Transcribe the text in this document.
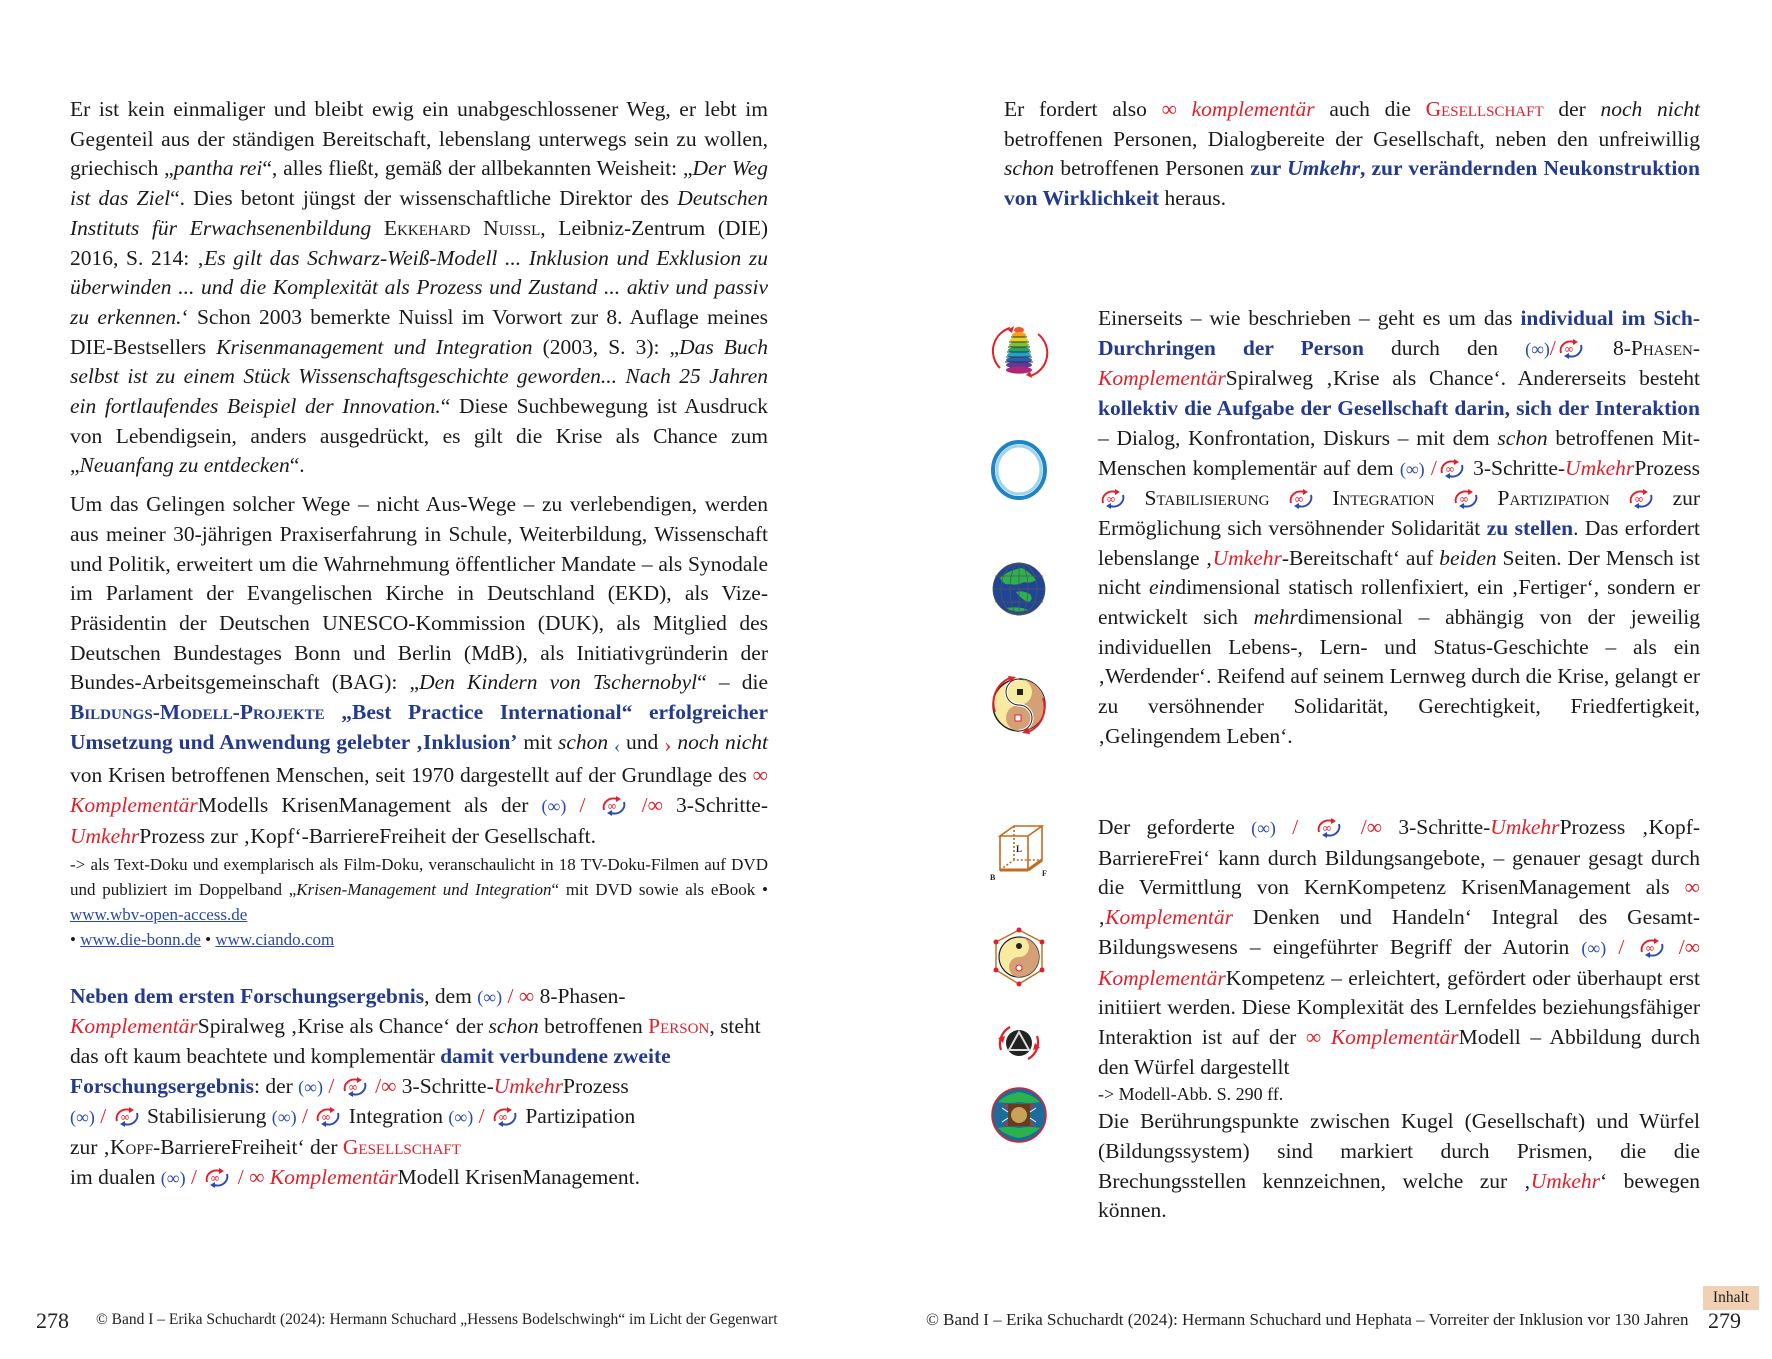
Er ist kein einmaliger und bleibt ewig ein unabgeschlossener Weg, er lebt im Gegenteil aus der ständigen Bereitschaft, lebenslang unterwegs sein zu wollen, griechisch „pantha rei“, alles fließt, gemäß der allbekannten Weisheit: „Der Weg ist das Ziel“. Dies betont jüngst der wissenschaftliche Direktor des Deutschen Instituts für Erwachsenenbildung Ekkehard Nuissl, Leibniz-Zentrum (DIE) 2016, S. 214: ‚Es gilt das Schwarz-Weiß-Modell ... Inklusion und Exklusion zu überwinden ... und die Komplexität als Prozess und Zustand ... aktiv und passiv zu erkennen.‘ Schon 2003 bemerkte Nuissl im Vorwort zur 8. Auflage meines DIE-Bestsellers Krisenmanagement und Integration (2003, S. 3): „Das Buch selbst ist zu einem Stück Wissenschaftsgeschichte geworden... Nach 25 Jahren ein fortlaufendes Beispiel der Innovation.“ Diese Suchbewegung ist Ausdruck von Lebendigsein, anders ausgedrückt, es gilt die Krise als Chance zum „Neuanfang zu entdecken“.

Um das Gelingen solcher Wege – nicht Aus-Wege – zu verlebendigen, werden aus meiner 30-jährigen Praxiserfahrung in Schule, Weiterbildung, Wissenschaft und Politik, erweitert um die Wahrnehmung öffentlicher Mandate – als Synodale im Parlament der Evangelischen Kirche in Deutschland (EKD), als Vize-Präsidentin der Deutschen UNESCO-Kommission (DUK), als Mitglied des Deutschen Bundestages Bonn und Berlin (MdB), als Initiativgründerin der Bundes-Arbeitsgemeinschaft (BAG): „Den Kindern von Tschernobyl“ – die Bildungs-Modell-Projekte „Best Practice International“ erfolgreicher Umsetzung und Anwendung gelebter ‚Inklusion’ mit schon ‹ und › noch nicht von Krisen betroffenen Menschen, seit 1970 dargestellt auf der Grundlage des ∞ KomplementärModells KrisenManagement als der (∞) / ∞ /∞ 3-Schritte-UmkehrProzess zur ‚Kopf‘-BarriereFreiheit der Gesellschaft.

-> als Text-Doku und exemplarisch als Film-Doku, veranschaulicht in 18 TV-Doku-Filmen auf DVD und publiziert im Doppelband „Krisen-Management und Integration“ mit DVD sowie als eBook • www.wbv-open-access.de
• www.die-bonn.de • www.ciando.com

Neben dem ersten Forschungsergebnis, dem (∞) / ∞ 8-Phasen-KomplementärSpiralweg ‚Krise als Chance‘ der schon betroffenen Person, steht das oft kaum beachtete und komplementär damit verbundene zweite Forschungsergebnis: der (∞) / ∞ /∞ 3-Schritte-UmkehrProzess
(∞) / ∞ Stabilisierung (∞) / ∞ Integration (∞) / ∞ Partizipation
zur ‚Kopf-BarriereFreiheit‘ der Gesellschaft
im dualen (∞) / ∞ / ∞ KomplementärModell KrisenManagement.

278 © Band I – Erika Schuchardt (2024): Hermann Schuchard „Hessens Bodelschwingh“ im Licht der Gegenwart

Er fordert also ∞ komplementär auch die Gesellschaft der noch nicht betroffenen Personen, Dialogbereite der Gesellschaft, neben den unfreiwillig schon betroffenen Personen zur Umkehr, zur verändernden Neukonstruktion von Wirklichkeit heraus.

L
B	F

Einerseits – wie beschrieben – geht es um das individual im Sich-Durchringen der Person durch den (∞)/ ∞ 8-Phasen-KomplementärSpiralweg ‚Krise als Chance‘. Andererseits besteht kollektiv die Aufgabe der Gesellschaft darin, sich der Interaktion – Dialog, Konfrontation, Diskurs – mit dem schon betroffenen Mit-Menschen komplementär auf dem (∞) / ∞ 3-Schritte-UmkehrProzess
∞ Stabilisierung ∞ Integration ∞ Partizipation ∞ zur Ermöglichung sich versöhnender Solidarität zu stellen. Das erfordert lebenslange ‚Umkehr-Bereitschaft‘ auf beiden Seiten. Der Mensch ist nicht eindimensional statisch rollenfixiert, ein ‚Fertiger‘, sondern er entwickelt sich mehrdimensional – abhängig von der jeweilig individuellen Lebens-, Lern- und Status-Geschichte – als ein ‚Werdender‘. Reifend auf seinem Lernweg durch die Krise, gelangt er zu versöhnender Solidarität, Gerechtigkeit, Friedfertigkeit, ‚Gelingendem Leben‘.

Der geforderte (∞) / ∞ /∞ 3-Schritte-UmkehrProzess ‚Kopf-BarriereFrei‘ kann durch Bildungsangebote, – genauer gesagt durch die Vermittlung von KernKompetenz KrisenManagement als ∞ ‚Komplementär Denken und Handeln‘ Integral des Gesamt-Bildungswesens – eingeführter Begriff der Autorin (∞) / ∞ /∞ KomplementärKompetenz – erleichtert, gefördert oder überhaupt erst initiiert werden. Diese Komplexität des Lernfeldes beziehungsfähiger Interaktion ist auf der ∞ KomplementärModell – Abbildung durch den Würfel dargestellt

-> Modell-Abb. S. 290 ff.

Die Berührungspunkte zwischen Kugel (Gesellschaft) und Würfel (Bildungssystem) sind markiert durch Prismen, die die Brechungsstellen kennzeichnen, welche zur ‚Umkehr‘ bewegen können.

Inhalt
© Band I – Erika Schuchardt (2024): Hermann Schuchard und Hephata – Vorreiter der Inklusion vor 130 Jahren 279
